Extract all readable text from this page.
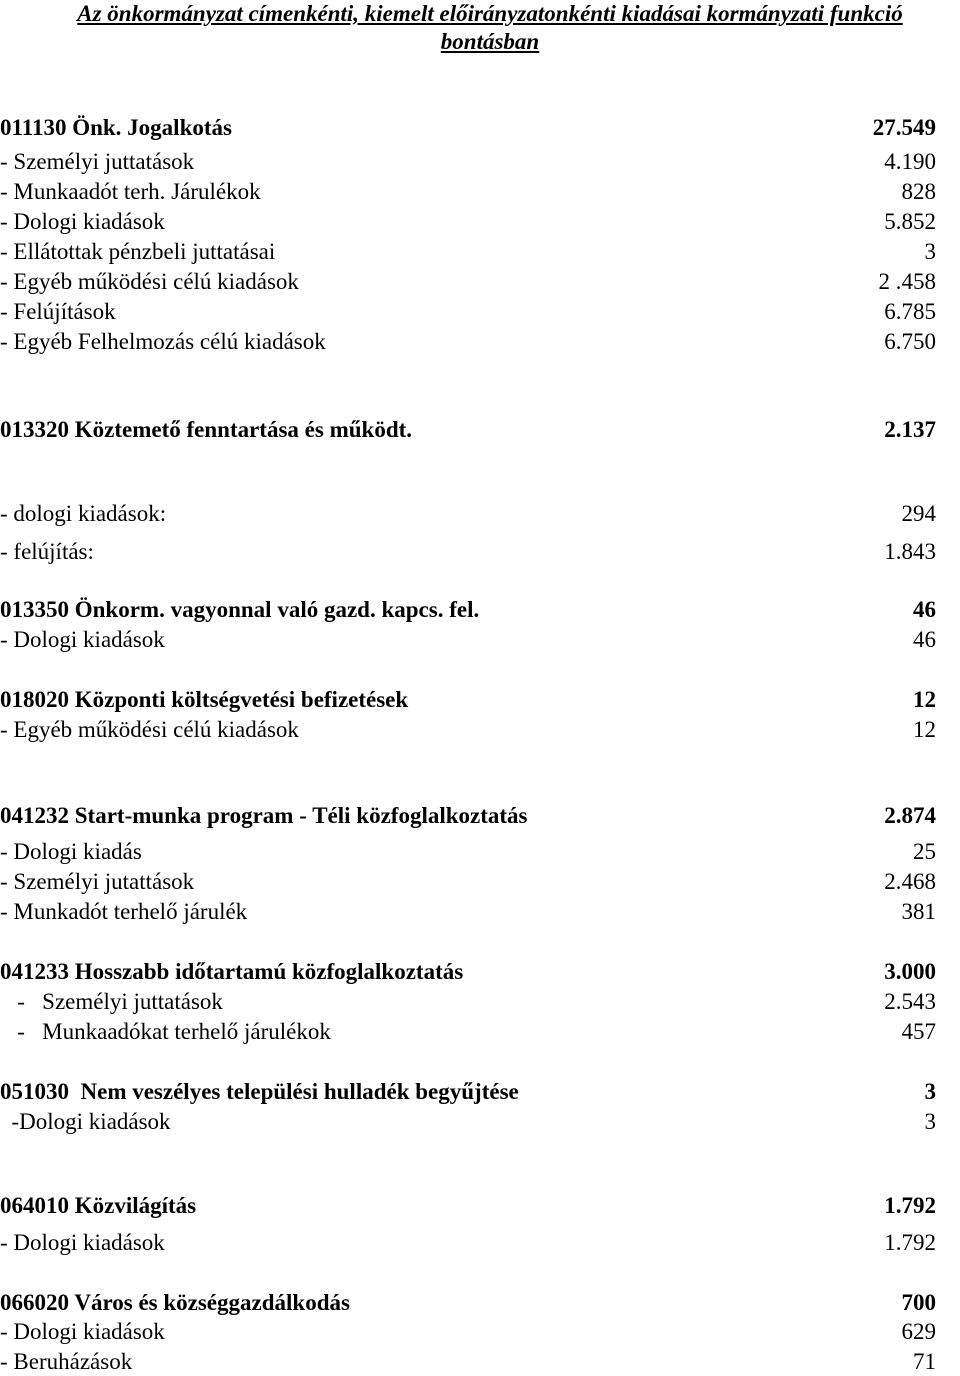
Az önkormányzat címenkénti, kiemelt előirányzatonkénti kiadásai kormányzati funkció
bontásban
011130 Önk. Jogalkotás	27.549
- Személyi juttatások	4.190
- Munkaadót terh. Járulékok	828
- Dologi kiadások	5.852
- Ellátottak pénzbeli juttatásai	3
- Egyéb működési célú kiadások	2 .458
- Felújítások	6.785
- Egyéb Felhelmozás célú kiadások	6.750
013320 Köztemető fenntartása és működt.	2.137
- dologi kiadások:	294
- felújítás:	1.843
013350 Önkorm. vagyonnal való gazd. kapcs. fel.	46
- Dologi kiadások	46
018020 Központi költségvetési befizetések	12
- Egyéb működési célú kiadások	12
041232 Start-munka program - Téli közfoglalkoztatás	2.874
- Dologi kiadás	25
- Személyi jutattások	2.468
- Munkadót terhelő járulék	381
041233 Hosszabb időtartamú közfoglalkoztatás	3.000
-   Személyi juttatások	2.543
-   Munkaadókat terhelő járulékok	457
051030  Nem veszélyes települési hulladék begyűjtése	3
-Dologi kiadások	3
064010 Közvilágítás	1.792
- Dologi kiadások	1.792
066020 Város és községgazdálkodás	700
- Dologi kiadások	629
- Beruházások	71
